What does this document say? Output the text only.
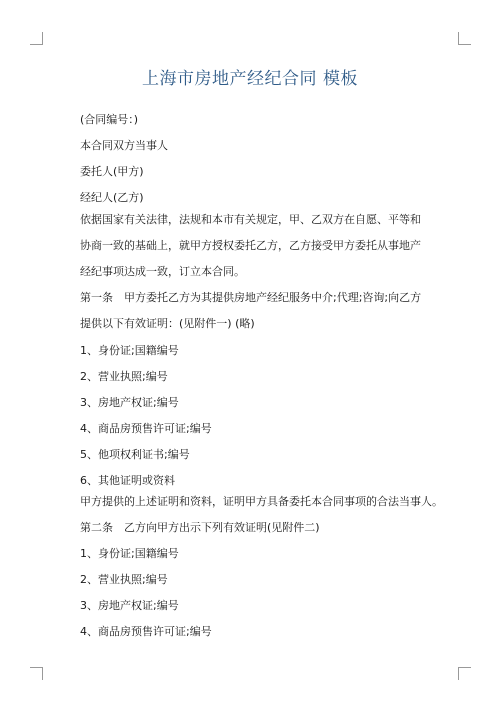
上海市房地产经纪合同 模板
(合同编号：)
本合同双方当事人
委托人(甲方)
经纪人(乙方)
依据国家有关法律，法规和本市有关规定，甲、乙双方在自愿、平等和协商一致的基础上，就甲方授权委托乙方，乙方接受甲方委托从事地产经纪事项达成一致，订立本合同。
第一条　甲方委托乙方为其提供房地产经纪服务中介;代理;咨询;向乙方提供以下有效证明：(见附件一) (略)
1、身份证;国籍编号
2、营业执照;编号
3、房地产权证;编号
4、商品房预售许可证;编号
5、他项权利证书;编号
6、其他证明或资料
甲方提供的上述证明和资料，证明甲方具备委托本合同事项的合法当事人。
第二条　乙方向甲方出示下列有效证明(见附件二)
1、身份证;国籍编号
2、营业执照;编号
3、房地产权证;编号
4、商品房预售许可证;编号
